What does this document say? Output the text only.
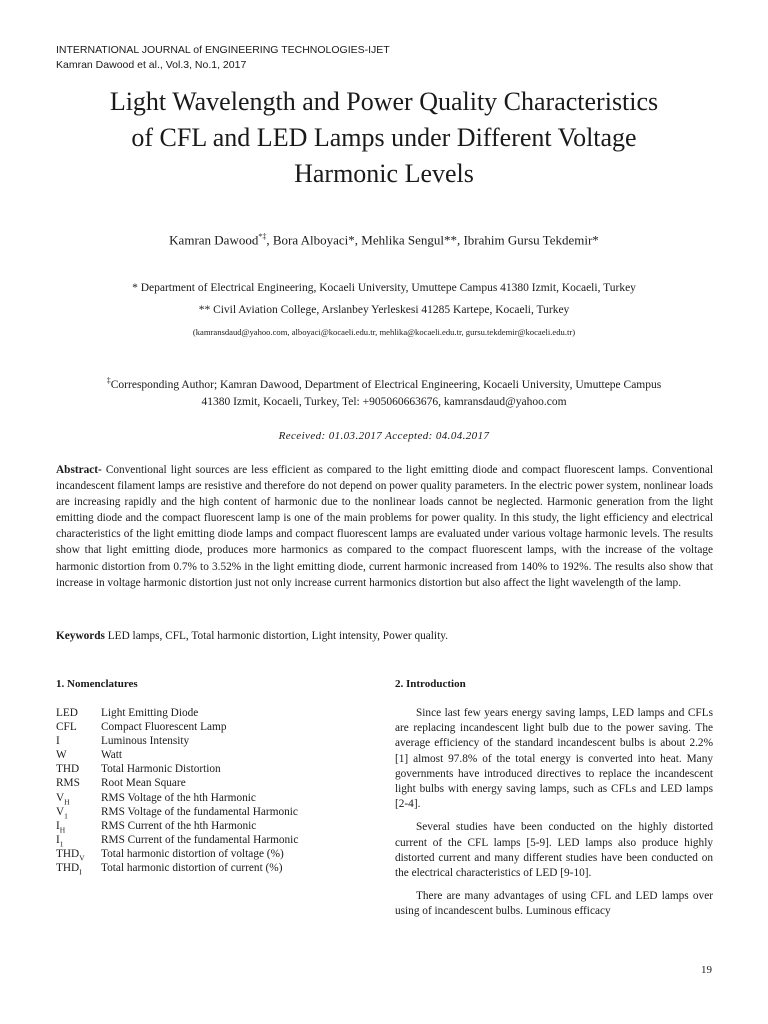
INTERNATIONAL JOURNAL of ENGINEERING TECHNOLOGIES-IJET
Kamran Dawood et al., Vol.3, No.1, 2017
Light Wavelength and Power Quality Characteristics
of CFL and LED Lamps under Different Voltage
Harmonic Levels
Kamran Dawood*‡, Bora Alboyaci*, Mehlika Sengul**, Ibrahim Gursu Tekdemir*
* Department of Electrical Engineering, Kocaeli University, Umuttepe Campus 41380 Izmit, Kocaeli, Turkey
** Civil Aviation College, Arslanbey Yerleskesi 41285 Kartepe, Kocaeli, Turkey
(kamransdaud@yahoo.com, alboyaci@kocaeli.edu.tr, mehlika@kocaeli.edu.tr, gursu.tekdemir@kocaeli.edu.tr)
‡Corresponding Author; Kamran Dawood, Department of Electrical Engineering, Kocaeli University, Umuttepe Campus
41380 Izmit, Kocaeli, Turkey, Tel: +905060663676, kamransdaud@yahoo.com
Received: 01.03.2017 Accepted: 04.04.2017
Abstract- Conventional light sources are less efficient as compared to the light emitting diode and compact fluorescent lamps. Conventional incandescent filament lamps are resistive and therefore do not depend on power quality parameters. In the electric power system, nonlinear loads are increasing rapidly and the high content of harmonic due to the nonlinear loads cannot be neglected. Harmonic generation from the light emitting diode and the compact fluorescent lamp is one of the main problems for power quality. In this study, the light efficiency and electrical characteristics of the light emitting diode lamps and compact fluorescent lamps are evaluated under various voltage harmonic levels. The results show that light emitting diode, produces more harmonics as compared to the compact fluorescent lamps, with the increase of the voltage harmonic distortion from 0.7% to 3.52% in the light emitting diode, current harmonic increased from 140% to 192%. The results also show that increase in voltage harmonic distortion just not only increase current harmonics distortion but also affect the light wavelength of the lamp.
Keywords LED lamps, CFL, Total harmonic distortion, Light intensity, Power quality.
1. Nomenclatures
LED	Light Emitting Diode
CFL	Compact Fluorescent Lamp
I	Luminous Intensity
W	Watt
THD	Total Harmonic Distortion
RMS	Root Mean Square
$V_H$	RMS Voltage of the hth Harmonic
$V_1$	RMS Voltage of the fundamental Harmonic
$I_H$	RMS Current of the hth Harmonic
$I_1$	RMS Current of the fundamental Harmonic
$THD_V$	Total harmonic distortion of voltage (%)
$THD_I$	Total harmonic distortion of current (%)
2. Introduction

Since last few years energy saving lamps, LED lamps and CFLs are replacing incandescent light bulb due to the power saving. The average efficiency of the standard incandescent bulbs is about 2.2% [1] almost 97.8% of the total energy is converted into heat. Many governments have introduced directives to replace the incandescent light bulbs with energy saving lamps, such as CFLs and LED lamps [2-4].

Several studies have been conducted on the highly distorted current of the CFL lamps [5-9]. LED lamps also produce highly distorted current and many different studies have been conducted on the electrical characteristics of LED [9-10].

There are many advantages of using CFL and LED lamps over using of incandescent bulbs. Luminous efficacy

19
